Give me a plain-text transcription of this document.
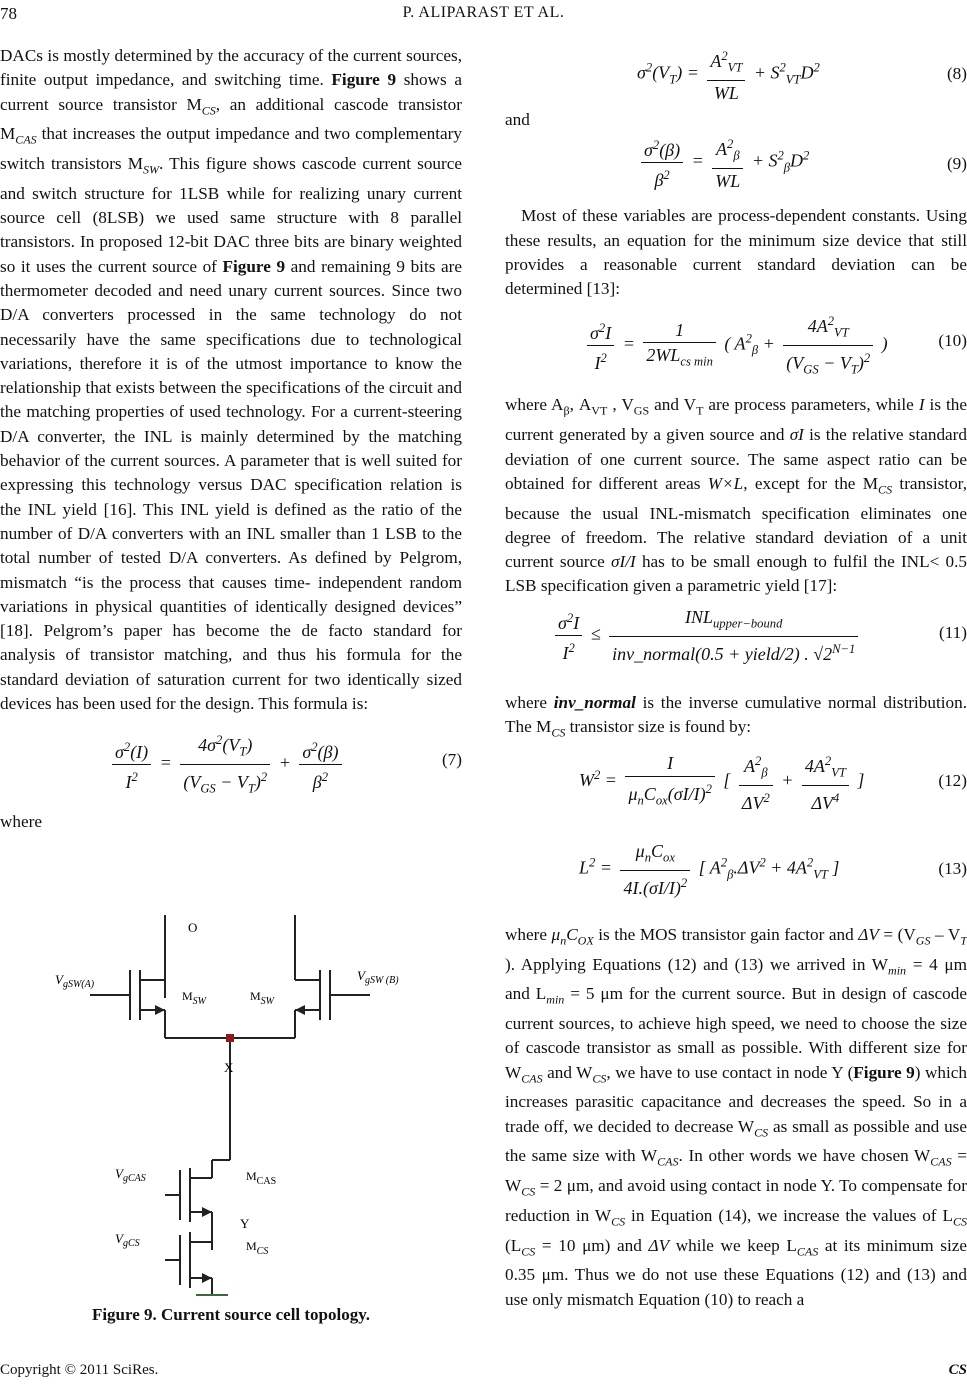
78	P. ALIPARAST ET AL.

DACs is mostly determined by the accuracy of the current sources, finite output impedance, and switching time. Figure 9 shows a current source transistor $M_{CS}$, an additional cascode transistor $M_{CAS}$ that increases the output impedance and two complementary switch transistors $M_{SW}$. This figure shows cascode current source and switch structure for 1LSB while for realizing unary current source cell (8LSB) we used same structure with 8 parallel transistors. In proposed 12-bit DAC three bits are binary weighted so it uses the current source of Figure 9 and remaining 9 bits are thermometer decoded and need unary current sources. Since two D/A converters processed in the same technology do not necessarily have the same specifications due to technological variations, therefore it is of the utmost importance to know the relationship that exists between the specifications of the circuit and the matching properties of used technology. For a current-steering D/A converter, the INL is mainly determined by the matching behavior of the current sources. A parameter that is well suited for expressing this technology versus DAC specification relation is the INL yield [16]. This INL yield is defined as the ratio of the number of D/A converters with an INL smaller than 1 LSB to the total number of tested D/A converters. As defined by Pelgrom, mismatch “is the process that causes time- independent random variations in physical quantities of identically designed devices” [18]. Pelgrom’s paper has become the de facto standard for analysis of transistor matching, and thus his formula for the standard deviation of saturation current for two identically sized devices has been used for the design. This formula is:

$\frac{\sigma^2(I)}{I^2} = \frac{4\sigma^2(V_T)}{(V_{GS} - V_T)^2} + \frac{\sigma^2(\beta)}{\beta^2}$	(7)

where

O
X
Y
$V_{gSW(A)}$
$V_{gSW (B)}$
$M_{SW}$	$M_{SW}$
$V_{gCAS}$	$M_{CAS}$
$V_{gCS}$	$M_{CS}$
Figure 9. Current source cell topology.
$\sigma^2(V_T) = \frac{A^2_{VT}}{WL} + S^2_{VT}D^2$	(8)

and

$\frac{\sigma^2(\beta)}{\beta^2} = \frac{A^2_\beta}{WL} + S^2_\beta D^2$	(9)

Most of these variables are process-dependent constants. Using these results, an equation for the minimum size device that still provides a reasonable current standard deviation can be determined [13]:

$\frac{\sigma^2I}{I^2} = \frac{1}{2WL_{cs min}}$ ( $A^2_\beta + \frac{4A^2_{VT}}{(V_{GS} - V_T)^2}$ )	(10)

where $A_\beta$, $A_{VT}$ , $V_{GS}$ and $V_T$ are process parameters, while I is the current generated by a given source and σI is the relative standard deviation of one current source. The same aspect ratio can be obtained for different areas W×L, except for the $M_{CS}$ transistor, because the usual INL-mismatch specification eliminates one degree of freedom. The relative standard deviation of a unit current source σI/I has to be small enough to fulfil the INL< 0.5 LSB specification given a parametric yield [17]:

$\frac{\sigma^2I}{I^2} \le \frac{INL_{upper-bound}}{inv\_normal(0.5 + yield/2) . √2^{N-1}}$	(11)

where inv_normal is the inverse cumulative normal distribution. The $M_{CS}$ transistor size is found by:

$W^2 = \frac{I}{\mu_nC_{ox}(\sigma I/I)^2}$ [ $\frac{A^2_\beta}{\Delta V^2} + \frac{4A^2_{VT}}{\Delta V^4}$ ]	(12)
$L^2 = \frac{\mu_nC_{ox}}{4I.(\sigma I/I)^2}$ [ $A^2_\beta.\Delta V^2 + 4A^2_{VT}$ ]	(13)

where $\mu_nC_{OX}$ is the MOS transistor gain factor and $\Delta V = (V_{GS} - V_T$ ). Applying Equations (12) and (13) we arrived in $W_{min} = 4$ μm and $L_{min} = 5$ μm for the current source. But in design of cascode current sources, to achieve high speed, we need to choose the size of cascode transistor as small as possible. With different size for $W_{CAS}$ and $W_{CS}$, we have to use contact in node Y (Figure 9) which increases parasitic capacitance and decreases the speed. So in a trade off, we decided to decrease $W_{CS}$ as small as possible and use the same size with $W_{CAS}$. In other words we have chosen $W_{CAS} = W_{CS} = 2$ μm, and avoid using contact in node Y. To compensate for reduction in $W_{CS}$ in Equation (14), we increase the values of $L_{CS}$ ($L_{CS} = 10$ μm) and ΔV while we keep $L_{CAS}$ at its minimum size 0.35 μm. Thus we do not use these Equations (12) and (13) and use only mismatch Equation (10) to reach a

Copyright © 2011 SciRes.	CS
